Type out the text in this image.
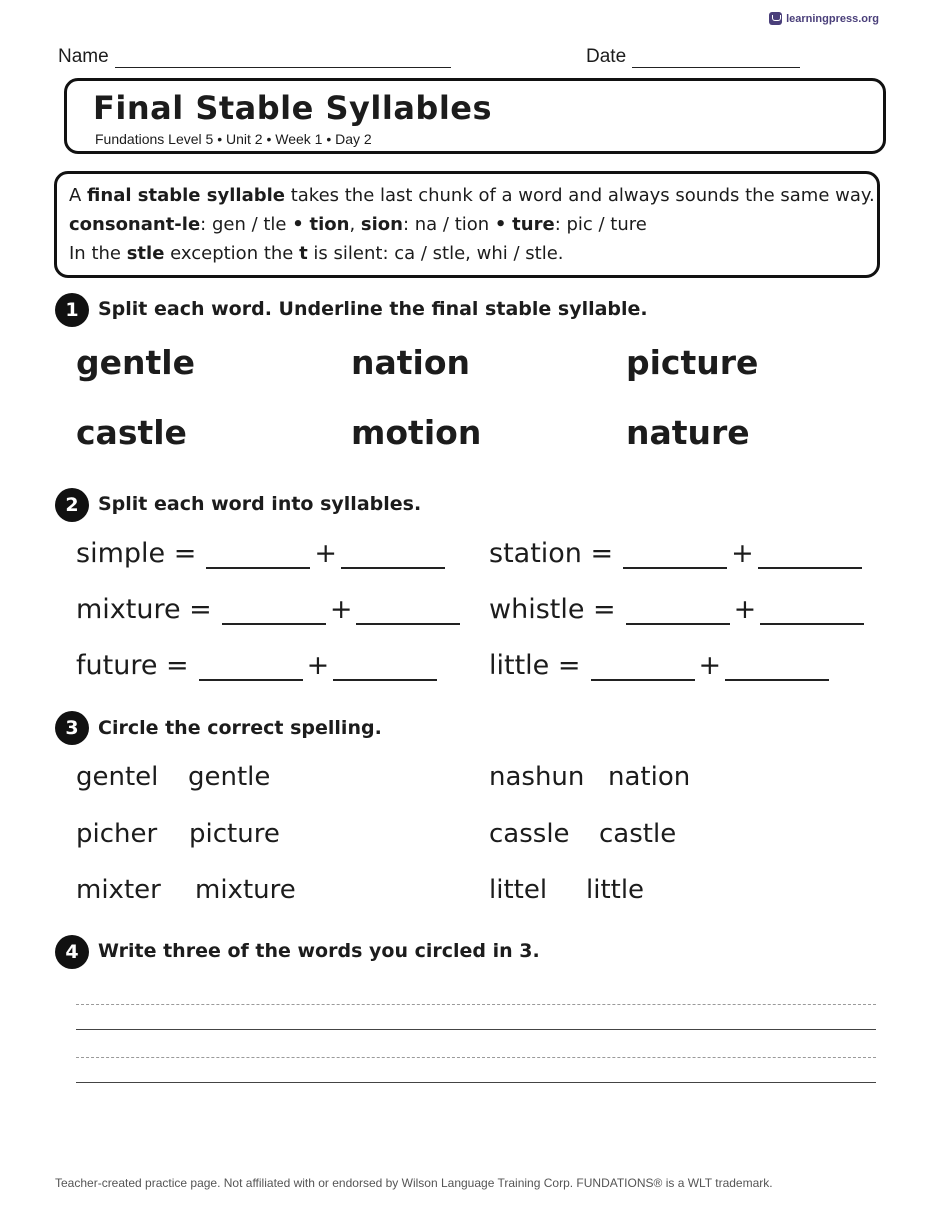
learningpress.org
Name	Date
Final Stable Syllables
Fundations Level 5 • Unit 2 • Week 1 • Day 2
A final stable syllable takes the last chunk of a word and always sounds the same way.
consonant-le: gen / tle • tion, sion: na / tion • ture: pic / ture
In the stle exception the t is silent: ca / stle, whi / stle.
1	Split each word. Underline the final stable syllable.
gentle	nation	picture
castle	motion	nature
2	Split each word into syllables.
simple =	+	station =	+
mixture =	+	whistle =	+
future =	+	little =	+
3	Circle the correct spelling.
gentel gentle	nashun nation
picher picture	cassle castle
mixter mixture	littel little
4	Write three of the words you circled in 3.
Teacher-created practice page. Not affiliated with or endorsed by Wilson Language Training Corp. FUNDATIONS® is a WLT trademark.
